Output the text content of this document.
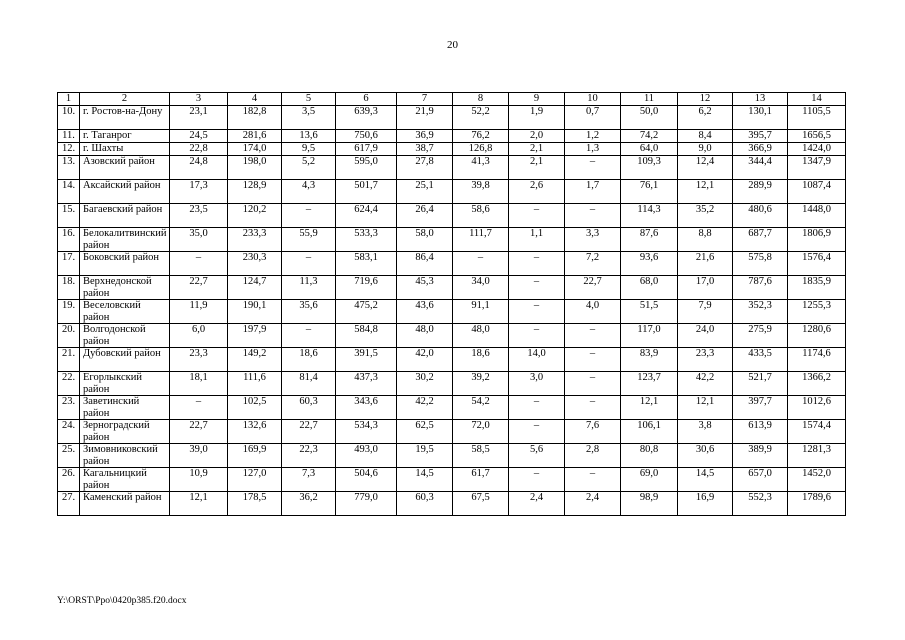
20
1	2	3	4	5	6	7	8	9	10	11	12	13	14
10.	г. Ростов-на-Дону	23,1	182,8	3,5	639,3	21,9	52,2	1,9	0,7	50,0	6,2	130,1	1105,5
11.	г. Таганрог	24,5	281,6	13,6	750,6	36,9	76,2	2,0	1,2	74,2	8,4	395,7	1656,5
12.	г. Шахты	22,8	174,0	9,5	617,9	38,7	126,8	2,1	1,3	64,0	9,0	366,9	1424,0
13.	Азовский район	24,8	198,0	5,2	595,0	27,8	41,3	2,1	–	109,3	12,4	344,4	1347,9
14.	Аксайский район	17,3	128,9	4,3	501,7	25,1	39,8	2,6	1,7	76,1	12,1	289,9	1087,4
15.	Багаевский район	23,5	120,2	–	624,4	26,4	58,6	–	–	114,3	35,2	480,6	1448,0
16.	Белокалитвинский район	35,0	233,3	55,9	533,3	58,0	111,7	1,1	3,3	87,6	8,8	687,7	1806,9
17.	Боковский район	–	230,3	–	583,1	86,4	–	–	7,2	93,6	21,6	575,8	1576,4
18.	Верхнедонской район	22,7	124,7	11,3	719,6	45,3	34,0	–	22,7	68,0	17,0	787,6	1835,9
19.	Веселовский район	11,9	190,1	35,6	475,2	43,6	91,1	–	4,0	51,5	7,9	352,3	1255,3
20.	Волгодонской район	6,0	197,9	–	584,8	48,0	48,0	–	–	117,0	24,0	275,9	1280,6
21.	Дубовский район	23,3	149,2	18,6	391,5	42,0	18,6	14,0	–	83,9	23,3	433,5	1174,6
22.	Егорлыкский район	18,1	111,6	81,4	437,3	30,2	39,2	3,0	–	123,7	42,2	521,7	1366,2
23.	Заветинский район	–	102,5	60,3	343,6	42,2	54,2	–	–	12,1	12,1	397,7	1012,6
24.	Зерноградский район	22,7	132,6	22,7	534,3	62,5	72,0	–	7,6	106,1	3,8	613,9	1574,4
25.	Зимовниковский район	39,0	169,9	22,3	493,0	19,5	58,5	5,6	2,8	80,8	30,6	389,9	1281,3
26.	Кагальницкий район	10,9	127,0	7,3	504,6	14,5	61,7	–	–	69,0	14,5	657,0	1452,0
27.	Каменский район	12,1	178,5	36,2	779,0	60,3	67,5	2,4	2,4	98,9	16,9	552,3	1789,6
Y:\ORST\Ppo\0420p385.f20.docx
